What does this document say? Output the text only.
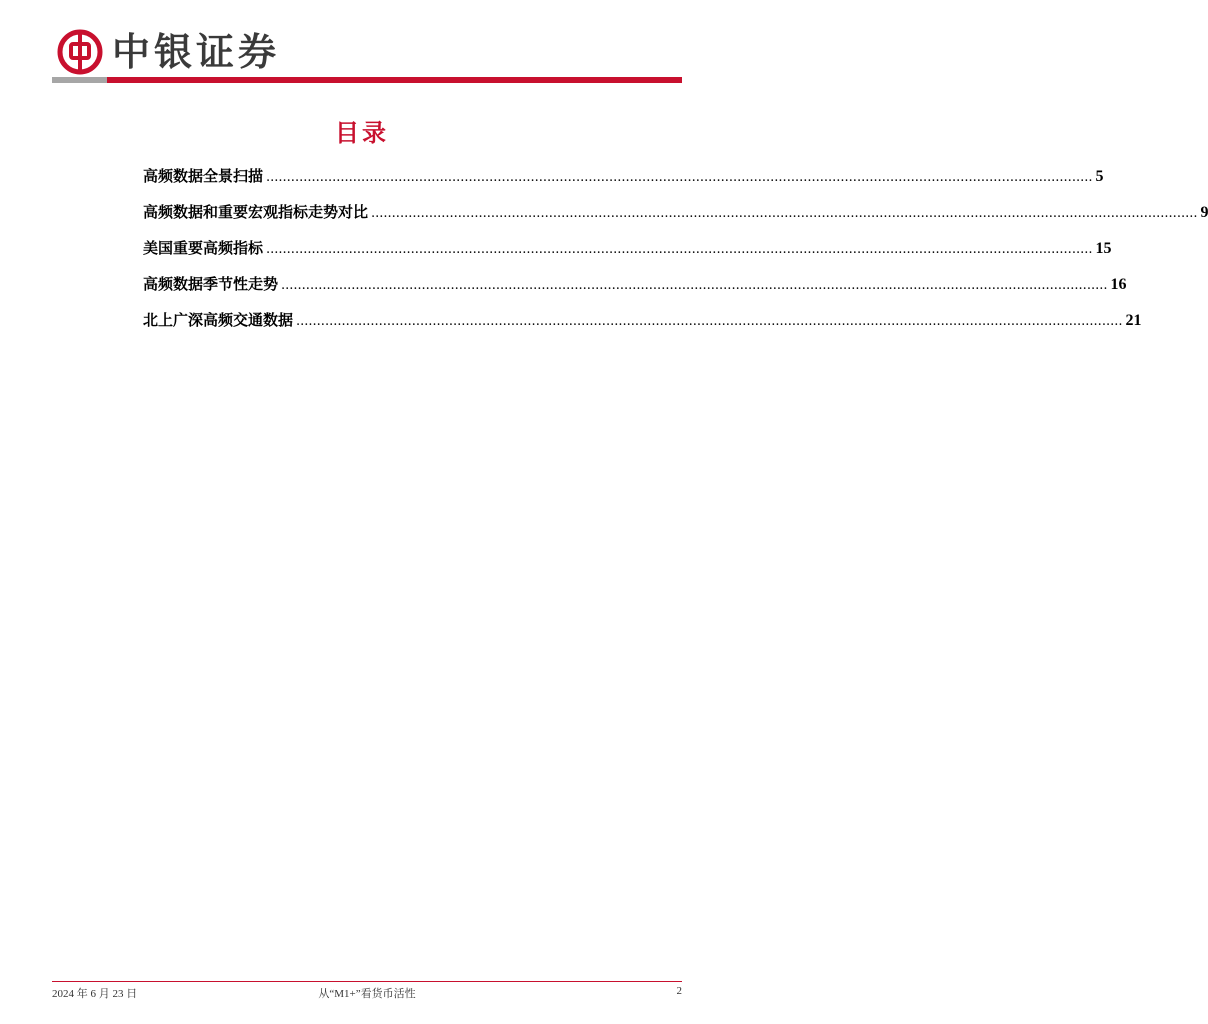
中银证券
目录
高频数据全景扫描 ........................................................................................................................................................................................................ 5
高频数据和重要宏观指标走势对比 ........................................................................................................................................................................................................ 9
美国重要高频指标 ........................................................................................................................................................................................................ 15
高频数据季节性走势 ........................................................................................................................................................................................................ 16
北上广深高频交通数据 ........................................................................................................................................................................................................ 21
2024 年 6 月 23 日	从“M1+”看货币活性	2
